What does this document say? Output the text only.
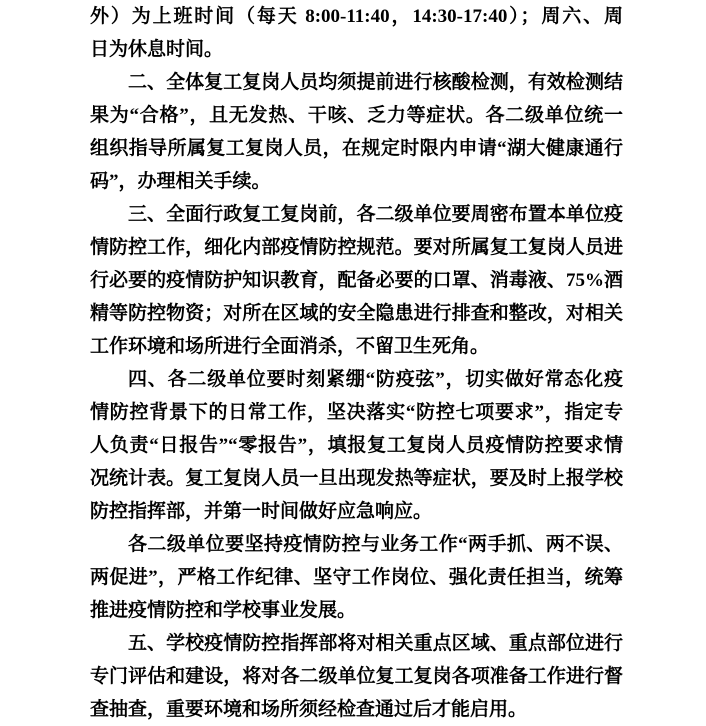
外）为上班时间（每天 8:00-11:40，14:30-17:40）；周六、周
日为休息时间。
二、全体复工复岗人员均须提前进行核酸检测，有效检测结
果为“合格”，且无发热、干咳、乏力等症状。各二级单位统一
组织指导所属复工复岗人员，在规定时限内申请“湖大健康通行
码”，办理相关手续。
三、全面行政复工复岗前，各二级单位要周密布置本单位疫
情防控工作，细化内部疫情防控规范。要对所属复工复岗人员进
行必要的疫情防护知识教育，配备必要的口罩、消毒液、75%酒
精等防控物资；对所在区域的安全隐患进行排查和整改，对相关
工作环境和场所进行全面消杀，不留卫生死角。
四、各二级单位要时刻紧绷“防疫弦”，切实做好常态化疫
情防控背景下的日常工作，坚决落实“防控七项要求”，指定专
人负责“日报告”“零报告”，填报复工复岗人员疫情防控要求情
况统计表。复工复岗人员一旦出现发热等症状，要及时上报学校
防控指挥部，并第一时间做好应急响应。
各二级单位要坚持疫情防控与业务工作“两手抓、两不误、
两促进”，严格工作纪律、坚守工作岗位、强化责任担当，统筹
推进疫情防控和学校事业发展。
五、学校疫情防控指挥部将对相关重点区域、重点部位进行
专门评估和建设，将对各二级单位复工复岗各项准备工作进行督
查抽查，重要环境和场所须经检查通过后才能启用。
